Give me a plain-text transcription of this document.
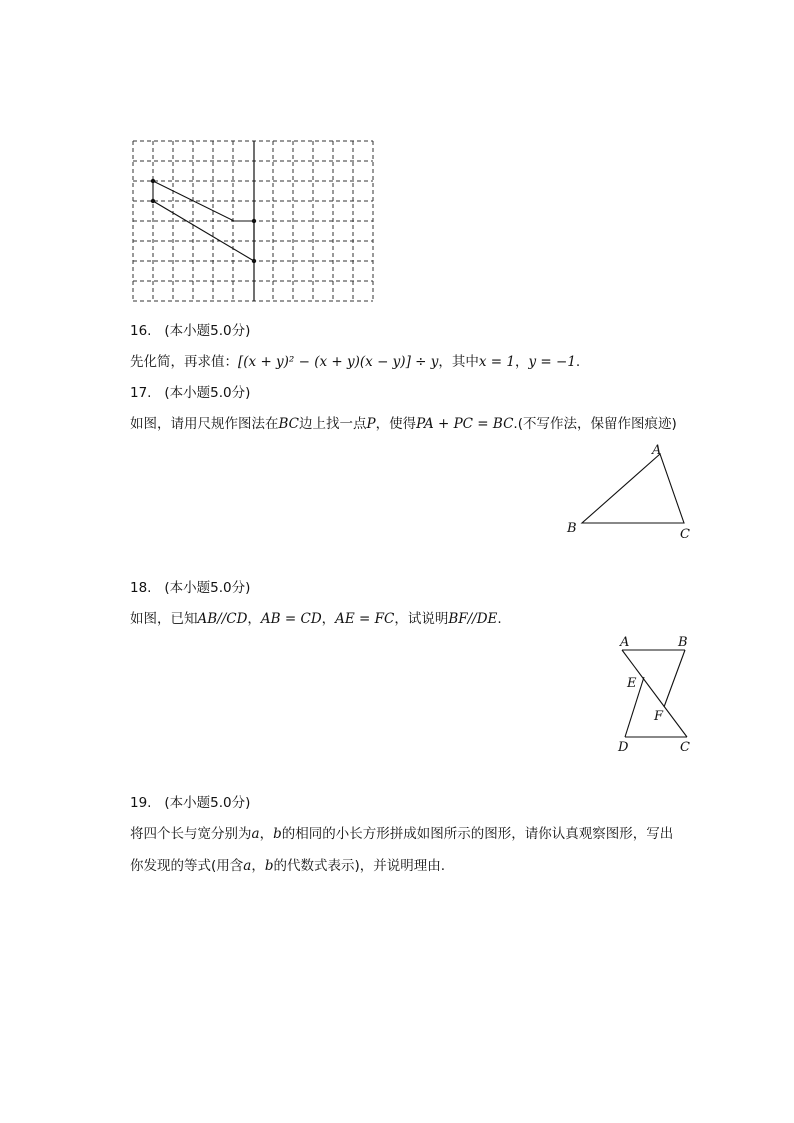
16. (本小题5.0分)
先化简，再求值：[(x + y)² − (x + y)(x − y)] ÷ y，其中x = 1，y = −1.
17. (本小题5.0分)
如图，请用尺规作图法在BC边上找一点P，使得PA + PC = BC.(不写作法，保留作图痕迹)
A
B	C
18. (本小题5.0分)
如图，已知AB//CD，AB = CD，AE = FC，试说明BF//DE.
A	B
E
F
D	C
19. (本小题5.0分)
将四个长与宽分别为a，b的相同的小长方形拼成如图所示的图形，请你认真观察图形，写出
你发现的等式(用含a，b的代数式表示)，并说明理由.
